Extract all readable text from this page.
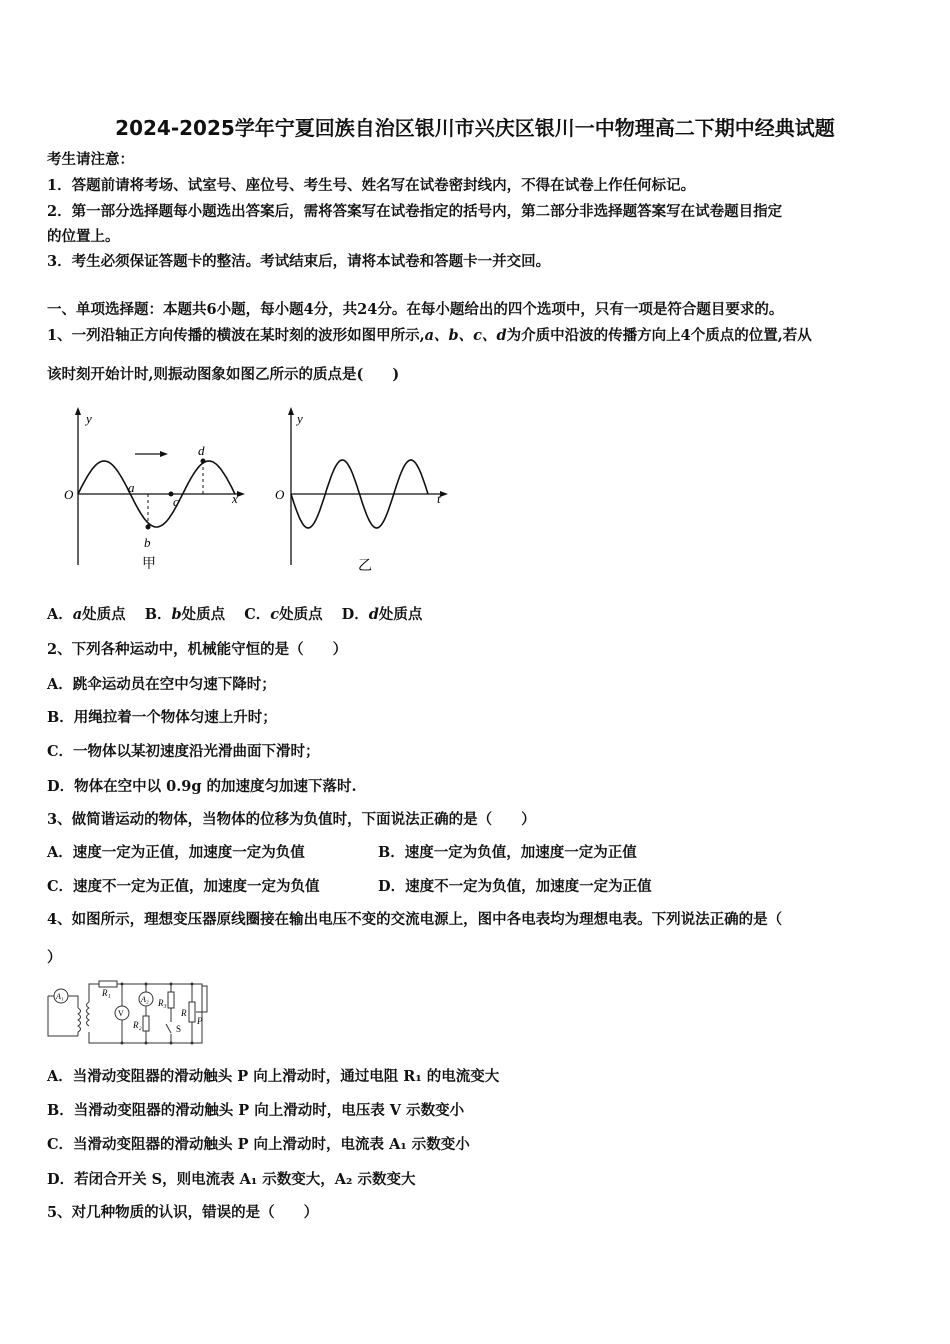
2024-2025学年宁夏回族自治区银川市兴庆区银川一中物理高二下期中经典试题
考生请注意：
1．答题前请将考场、试室号、座位号、考生号、姓名写在试卷密封线内，不得在试卷上作任何标记。
2．第一部分选择题每小题选出答案后，需将答案写在试卷指定的括号内，第二部分非选择题答案写在试卷题目指定
的位置上。
3．考生必须保证答题卡的整洁。考试结束后，请将本试卷和答题卡一并交回。
一、单项选择题：本题共6小题，每小题4分，共24分。在每小题给出的四个选项中，只有一项是符合题目要求的。
1、一列沿轴正方向传播的横波在某时刻的波形如图甲所示,a、b、c、d为介质中沿波的传播方向上4个质点的位置,若从
该时刻开始计时,则振动图象如图乙所示的质点是(　　)
y
O	x
a
b
c
d
甲
y
O	t
乙
A．a处质点 B．b处质点 C．c处质点 D．d处质点
2、下列各种运动中，机械能守恒的是（　　）
A．跳伞运动员在空中匀速下降时；
B．用绳拉着一个物体匀速上升时；
C．一物体以某初速度沿光滑曲面下滑时；
D．物体在空中以 0.9g 的加速度匀加速下落时.
3、做简谐运动的物体，当物体的位移为负值时，下面说法正确的是（　　）
A．速度一定为正值，加速度一定为负值	B．速度一定为负值，加速度一定为正值
C．速度不一定为正值，加速度一定为负值	D．速度不一定为负值，加速度一定为正值
4、如图所示，理想变压器原线圈接在输出电压不变的交流电源上，图中各电表均为理想电表。下列说法正确的是（
）
A₁	A₂
V
R₁
R₂
R₃
R
P
S
A．当滑动变阻器的滑动触头 P 向上滑动时，通过电阻 R₁ 的电流变大
B．当滑动变阻器的滑动触头 P 向上滑动时，电压表 V 示数变小
C．当滑动变阻器的滑动触头 P 向上滑动时，电流表 A₁ 示数变小
D．若闭合开关 S，则电流表 A₁ 示数变大，A₂ 示数变大
5、对几种物质的认识，错误的是（　　）
